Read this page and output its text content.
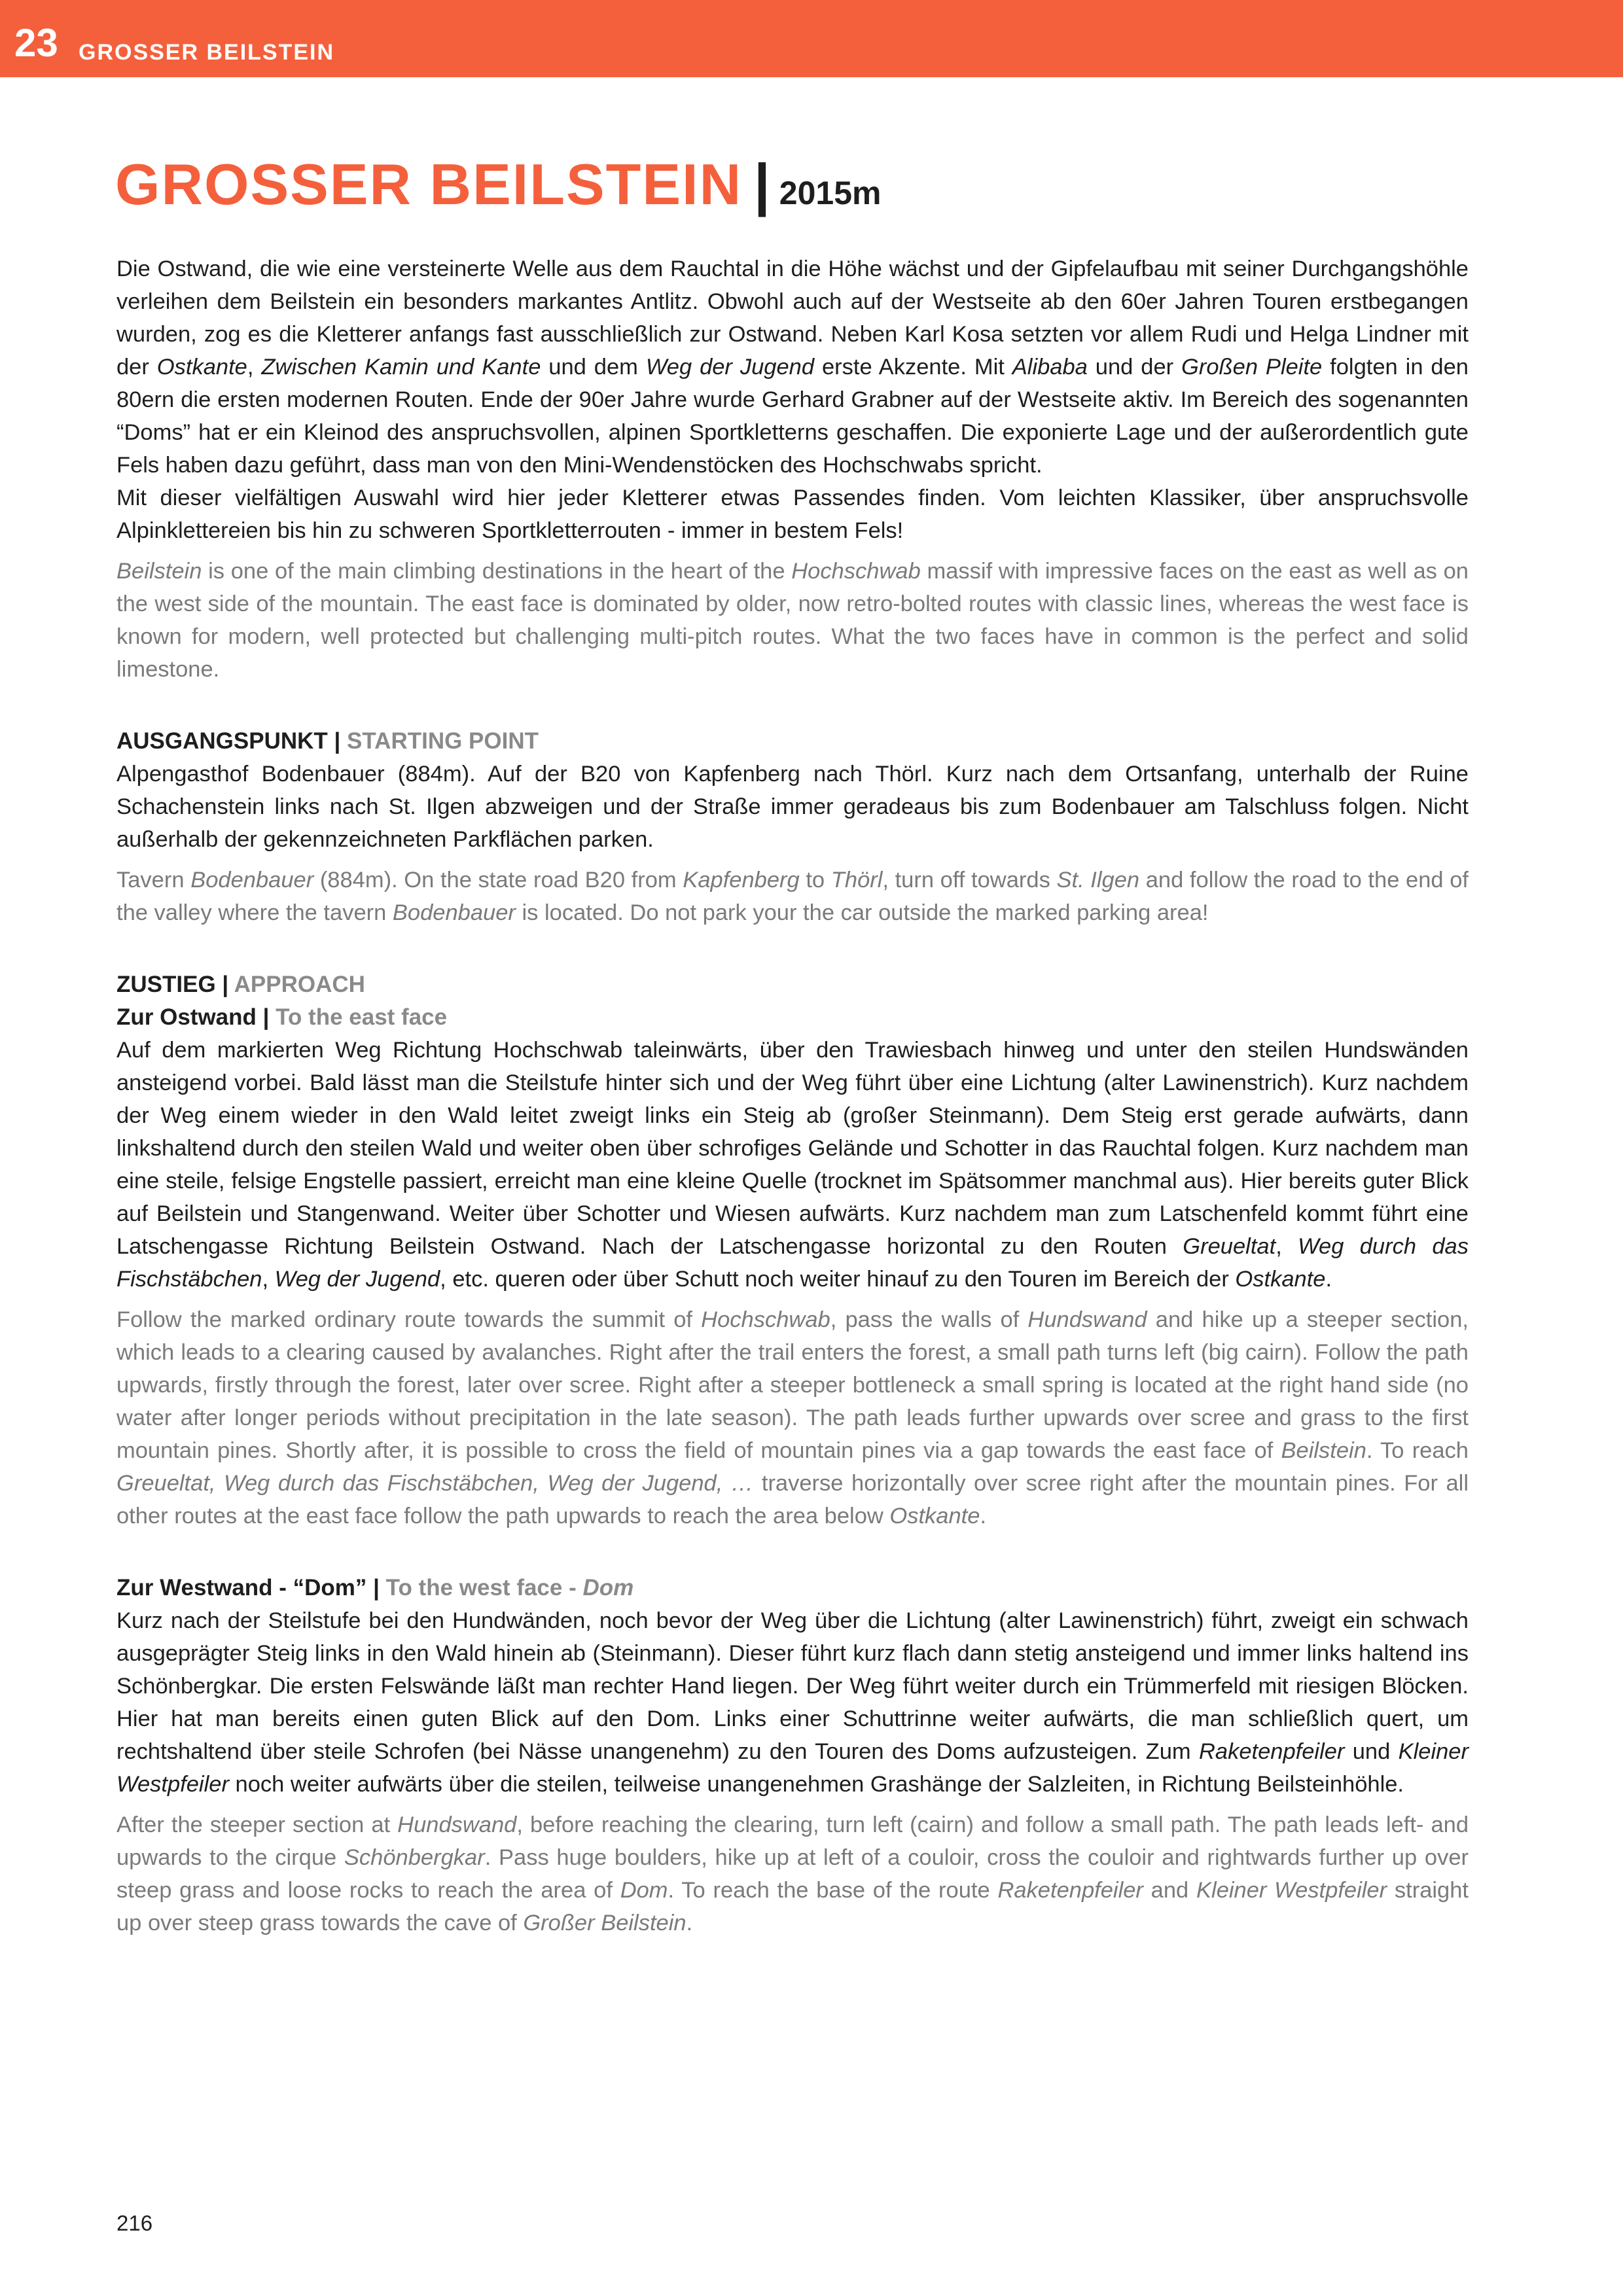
23 GROSSER BEILSTEIN
GROSSER BEILSTEIN | 2015m

Die Ostwand, die wie eine versteinerte Welle aus dem Rauchtal in die Höhe wächst und der Gipfelaufbau mit seiner Durchgangshöhle verleihen dem Beilstein ein besonders markantes Antlitz. Obwohl auch auf der Westseite ab den 60er Jahren Touren erstbegangen wurden, zog es die Kletterer anfangs fast ausschließlich zur Ostwand. Neben Karl Kosa setzten vor allem Rudi und Helga Lindner mit der Ostkante, Zwischen Kamin und Kante und dem Weg der Jugend erste Akzente. Mit Alibaba und der Großen Pleite folgten in den 80ern die ersten modernen Routen. Ende der 90er Jahre wurde Gerhard Grabner auf der Westseite aktiv. Im Bereich des sogenannten “Doms” hat er ein Kleinod des anspruchsvollen, alpinen Sportkletterns geschaffen. Die exponierte Lage und der außerordentlich gute Fels haben dazu geführt, dass man von den Mini-Wendenstöcken des Hochschwabs spricht.

Mit dieser vielfältigen Auswahl wird hier jeder Kletterer etwas Passendes finden. Vom leichten Klassiker, über anspruchsvolle Alpinklettereien bis hin zu schweren Sportkletterrouten - immer in bestem Fels!

Beilstein is one of the main climbing destinations in the heart of the Hochschwab massif with impressive faces on the east as well as on the west side of the mountain. The east face is dominated by older, now retro-bolted routes with classic lines, whereas the west face is known for modern, well protected but challenging multi-pitch routes. What the two faces have in common is the perfect and solid limestone.

AUSGANGSPUNKT | STARTING POINT

Alpengasthof Bodenbauer (884m). Auf der B20 von Kapfenberg nach Thörl. Kurz nach dem Ortsanfang, unterhalb der Ruine Schachenstein links nach St. Ilgen abzweigen und der Straße immer geradeaus bis zum Bodenbauer am Talschluss folgen. Nicht außerhalb der gekennzeichneten Parkflächen parken.

Tavern Bodenbauer (884m). On the state road B20 from Kapfenberg to Thörl, turn off towards St. Ilgen and follow the road to the end of the valley where the tavern Bodenbauer is located. Do not park your the car outside the marked parking area!

ZUSTIEG | APPROACH
Zur Ostwand | To the east face

Auf dem markierten Weg Richtung Hochschwab taleinwärts, über den Trawiesbach hinweg und unter den steilen Hundswänden ansteigend vorbei. Bald lässt man die Steilstufe hinter sich und der Weg führt über eine Lichtung (alter Lawinenstrich). Kurz nachdem der Weg einem wieder in den Wald leitet zweigt links ein Steig ab (großer Steinmann). Dem Steig erst gerade aufwärts, dann linkshaltend durch den steilen Wald und weiter oben über schrofiges Gelände und Schotter in das Rauchtal folgen. Kurz nachdem man eine steile, felsige Engstelle passiert, erreicht man eine kleine Quelle (trocknet im Spätsommer manchmal aus). Hier bereits guter Blick auf Beilstein und Stangenwand. Weiter über Schotter und Wiesen aufwärts. Kurz nachdem man zum Latschenfeld kommt führt eine Latschengasse Richtung Beilstein Ostwand. Nach der Latschengasse horizontal zu den Routen Greueltat, Weg durch das Fischstäbchen, Weg der Jugend, etc. queren oder über Schutt noch weiter hinauf zu den Touren im Bereich der Ostkante.

Follow the marked ordinary route towards the summit of Hochschwab, pass the walls of Hundswand and hike up a steeper section, which leads to a clearing caused by avalanches. Right after the trail enters the forest, a small path turns left (big cairn). Follow the path upwards, firstly through the forest, later over scree. Right after a steeper bottleneck a small spring is located at the right hand side (no water after longer periods without precipitation in the late season). The path leads further upwards over scree and grass to the first mountain pines. Shortly after, it is possible to cross the field of mountain pines via a gap towards the east face of Beilstein. To reach Greueltat, Weg durch das Fischstäbchen, Weg der Jugend, … traverse horizontally over scree right after the mountain pines. For all other routes at the east face follow the path upwards to reach the area below Ostkante.

Zur Westwand - “Dom” | To the west face - Dom

Kurz nach der Steilstufe bei den Hundwänden, noch bevor der Weg über die Lichtung (alter Lawinenstrich) führt, zweigt ein schwach ausgeprägter Steig links in den Wald hinein ab (Steinmann). Dieser führt kurz flach dann stetig ansteigend und immer links haltend ins Schönbergkar. Die ersten Felswände läßt man rechter Hand liegen. Der Weg führt weiter durch ein Trümmerfeld mit riesigen Blöcken. Hier hat man bereits einen guten Blick auf den Dom. Links einer Schuttrinne weiter aufwärts, die man schließlich quert, um rechtshaltend über steile Schrofen (bei Nässe unangenehm) zu den Touren des Doms aufzusteigen. Zum Raketenpfeiler und Kleiner Westpfeiler noch weiter aufwärts über die steilen, teilweise unangenehmen Grashänge der Salzleiten, in Richtung Beilsteinhöhle.

After the steeper section at Hundswand, before reaching the clearing, turn left (cairn) and follow a small path. The path leads left- and upwards to the cirque Schönbergkar. Pass huge boulders, hike up at left of a couloir, cross the couloir and rightwards further up over steep grass and loose rocks to reach the area of Dom. To reach the base of the route Raketenpfeiler and Kleiner Westpfeiler straight up over steep grass towards the cave of Großer Beilstein.

216
